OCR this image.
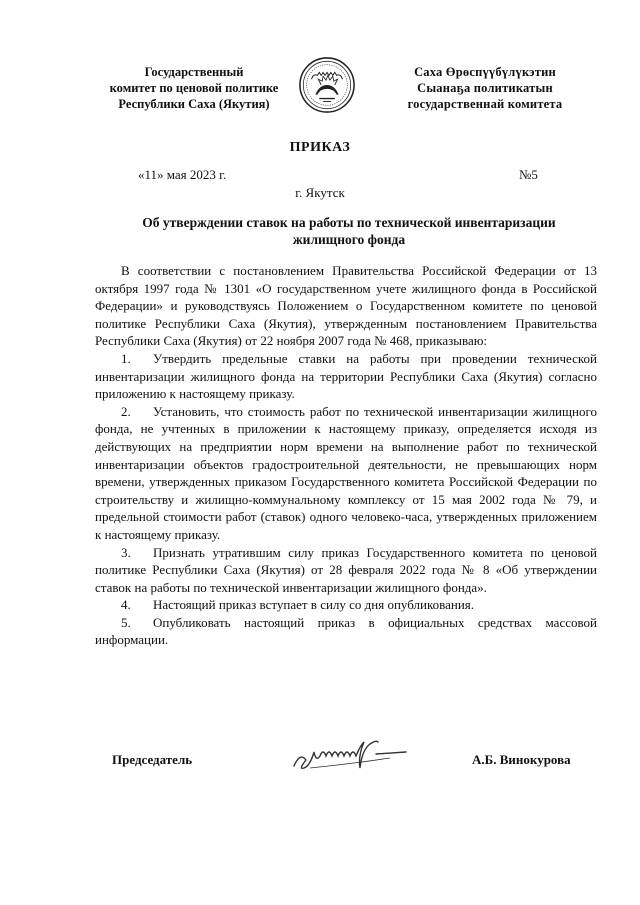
Государственный
комитет по ценовой политике
Республики Саха (Якутия)
Саха Өрөспүүбүлүкэтин
Сыанаҕа политикатын
государственнай комитета
ПРИКАЗ
«11» мая 2023 г.	№5
г. Якутск
Об утверждении ставок на работы по технической инвентаризации
жилищного фонда

В соответствии с постановлением Правительства Российской Федерации от 13 октября 1997 года № 1301 «О государственном учете жилищного фонда в Российской Федерации» и руководствуясь Положением о Государственном комитете по ценовой политике Республики Саха (Якутия), утвержденным постановлением Правительства Республики Саха (Якутия) от 22 ноября 2007 года № 468, приказываю:

1. Утвердить предельные ставки на работы при проведении технической инвентаризации жилищного фонда на территории Республики Саха (Якутия) согласно приложению к настоящему приказу.

2. Установить, что стоимость работ по технической инвентаризации жилищного фонда, не учтенных в приложении к настоящему приказу, определяется исходя из действующих на предприятии норм времени на выполнение работ по технической инвентаризации объектов градостроительной деятельности, не превышающих норм времени, утвержденных приказом Государственного комитета Российской Федерации по строительству и жилищно-коммунальному комплексу от 15 мая 2002 года № 79, и предельной стоимости работ (ставок) одного человеко-часа, утвержденных приложением к настоящему приказу.

3. Признать утратившим силу приказ Государственного комитета по ценовой политике Республики Саха (Якутия) от 28 февраля 2022 года № 8 «Об утверждении ставок на работы по технической инвентаризации жилищного фонда».

4. Настоящий приказ вступает в силу со дня опубликования.

5. Опубликовать настоящий приказ в официальных средствах массовой информации.

Председатель	А.Б. Винокурова
